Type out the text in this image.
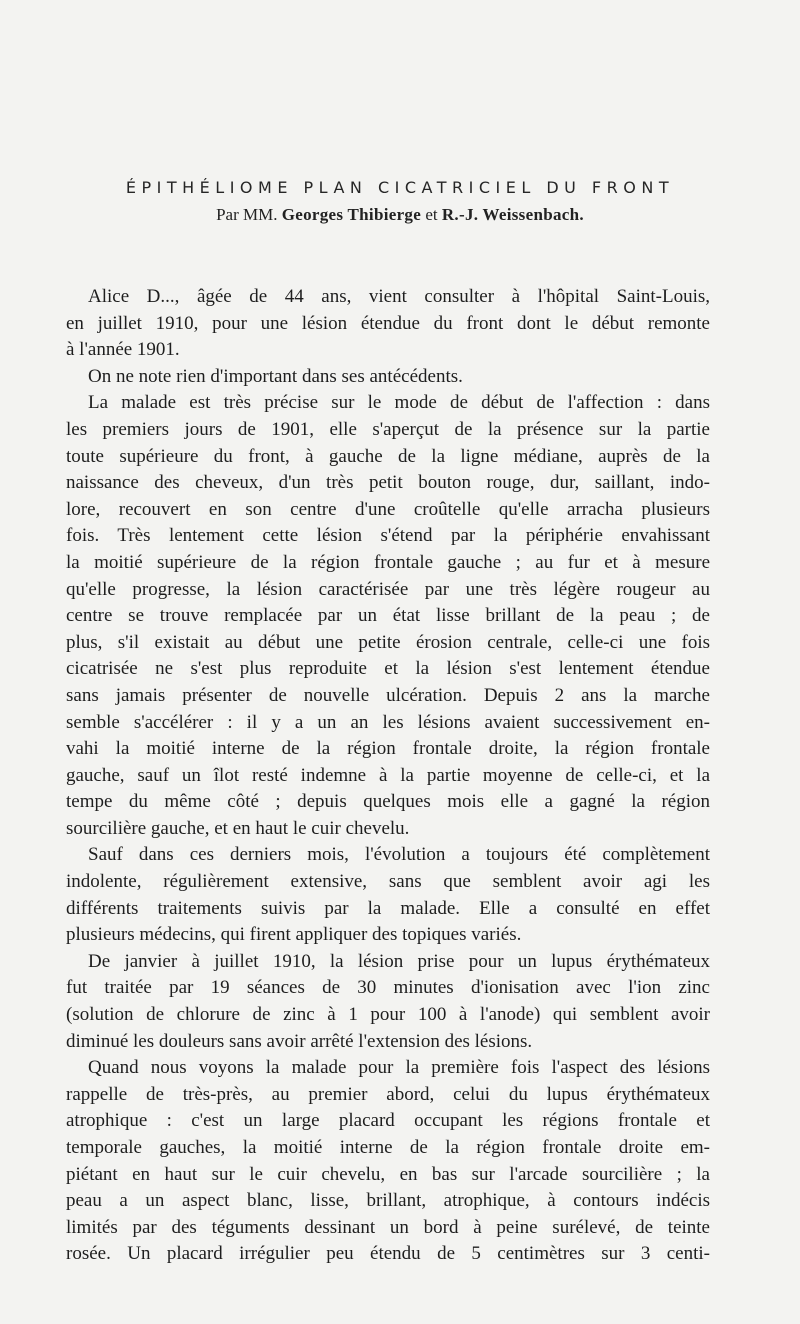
ÉPITHÉLIOME PLAN CICATRICIEL DU FRONT
Par MM. Georges Thibierge et R.-J. Weissenbach.
Alice D..., âgée de 44 ans, vient consulter à l'hôpital Saint-Louis,
en juillet 1910, pour une lésion étendue du front dont le début remonte
à l'année 1901.
On ne note rien d'important dans ses antécédents.
La malade est très précise sur le mode de début de l'affection : dans
les premiers jours de 1901, elle s'aperçut de la présence sur la partie
toute supérieure du front, à gauche de la ligne médiane, auprès de la
naissance des cheveux, d'un très petit bouton rouge, dur, saillant, indo-
lore, recouvert en son centre d'une croûtelle qu'elle arracha plusieurs
fois. Très lentement cette lésion s'étend par la périphérie envahissant
la moitié supérieure de la région frontale gauche ; au fur et à mesure
qu'elle progresse, la lésion caractérisée par une très légère rougeur au
centre se trouve remplacée par un état lisse brillant de la peau ; de
plus, s'il existait au début une petite érosion centrale, celle-ci une fois
cicatrisée ne s'est plus reproduite et la lésion s'est lentement étendue
sans jamais présenter de nouvelle ulcération. Depuis 2 ans la marche
semble s'accélérer : il y a un an les lésions avaient successivement en-
vahi la moitié interne de la région frontale droite, la région frontale
gauche, sauf un îlot resté indemne à la partie moyenne de celle-ci, et la
tempe du même côté ; depuis quelques mois elle a gagné la région
sourcilière gauche, et en haut le cuir chevelu.
Sauf dans ces derniers mois, l'évolution a toujours été complètement
indolente, régulièrement extensive, sans que semblent avoir agi les
différents traitements suivis par la malade. Elle a consulté en effet
plusieurs médecins, qui firent appliquer des topiques variés.
De janvier à juillet 1910, la lésion prise pour un lupus érythémateux
fut traitée par 19 séances de 30 minutes d'ionisation avec l'ion zinc
(solution de chlorure de zinc à 1 pour 100 à l'anode) qui semblent avoir
diminué les douleurs sans avoir arrêté l'extension des lésions.
Quand nous voyons la malade pour la première fois l'aspect des lésions
rappelle de très-près, au premier abord, celui du lupus érythémateux
atrophique : c'est un large placard occupant les régions frontale et
temporale gauches, la moitié interne de la région frontale droite em-
piétant en haut sur le cuir chevelu, en bas sur l'arcade sourcilière ; la
peau a un aspect blanc, lisse, brillant, atrophique, à contours indécis
limités par des téguments dessinant un bord à peine surélevé, de teinte
rosée. Un placard irrégulier peu étendu de 5 centimètres sur 3 centi-
